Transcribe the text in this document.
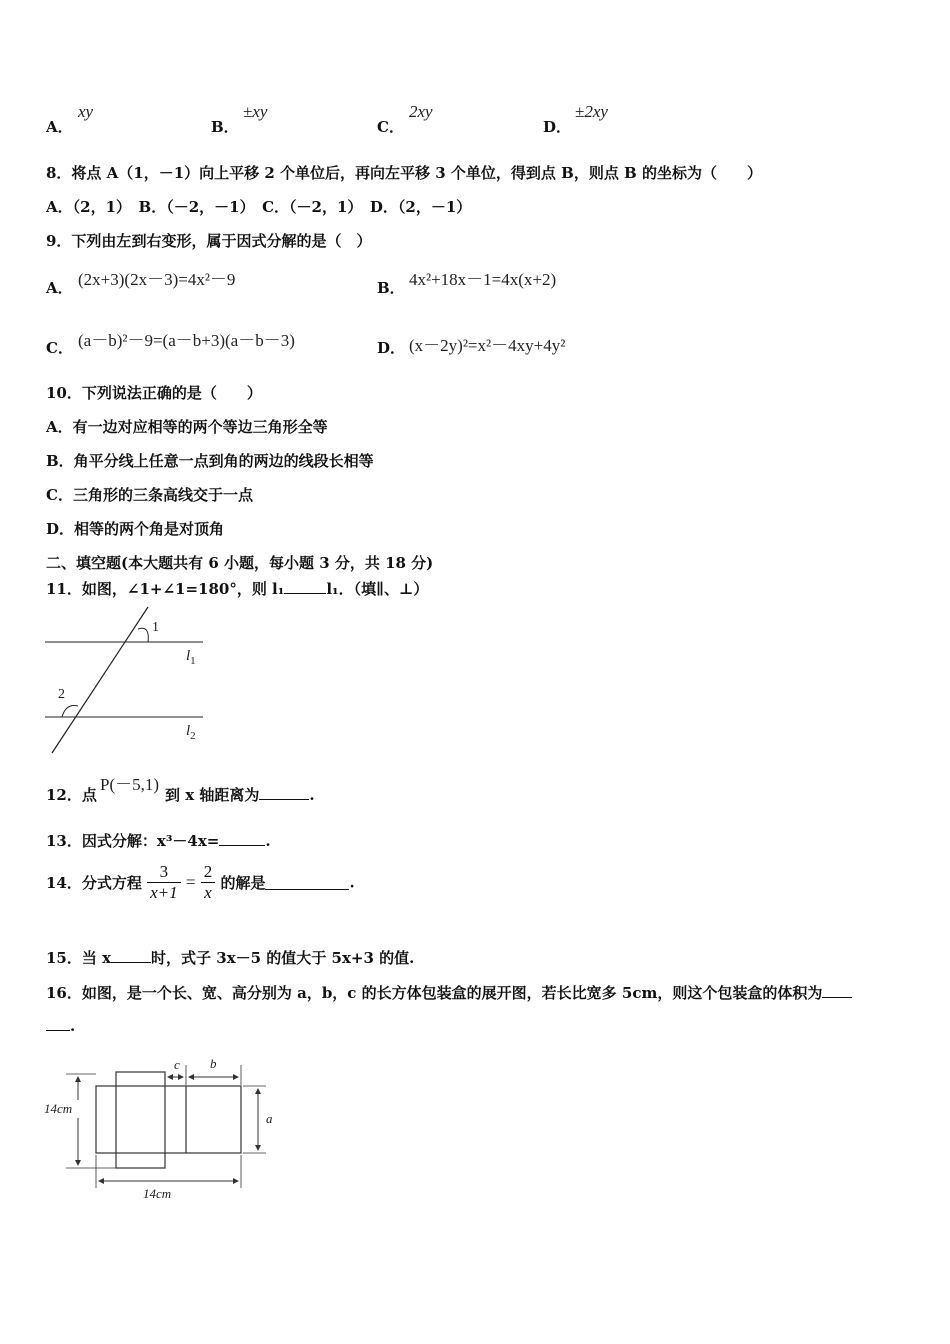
A．
xy
B．
±xy
C．
2xy
D．
±2xy
8．将点 A（1，－1）向上平移 2 个单位后，再向左平移 3 个单位，得到点 B，则点 B 的坐标为（　　）
A．（2，1）　B．（－2，－1）　C．（－2，1）　D．（2，－1）
9．下列由左到右变形，属于因式分解的是（　）
A． (2x+3)(2x－3)=4x²－9	B． 4x²+18x－1=4x(x+2)
C． (a－b)²－9=(a－b+3)(a－b－3)	D． (x－2y)²=x²－4xy+4y²
10．下列说法正确的是（　　）
A．有一边对应相等的两个等边三角形全等
B．角平分线上任意一点到角的两边的线段长相等
C．三角形的三条高线交于一点
D．相等的两个角是对顶角
二、填空题(本大题共有 6 小题，每小题 3 分，共 18 分)
11．如图，∠1+∠1=180°，则 l₁	l₁．（填∥、⊥）
1
2
$l_1$
$l_2$
12．点
P(－5,1)
到 x 轴距离为	.
13．因式分解：x³－4x=	.
14．分式方程 $\frac{3}{x+1} = \frac{2}{x}$ 的解是	.
15．当 x	时，式子 3x－5 的值大于 5x+3 的值.
16．如图，是一个长、宽、高分别为 a，b，c 的长方体包装盒的展开图，若长比宽多 5cm，则这个包装盒的体积为
.
14cm
14cm
c b
a
